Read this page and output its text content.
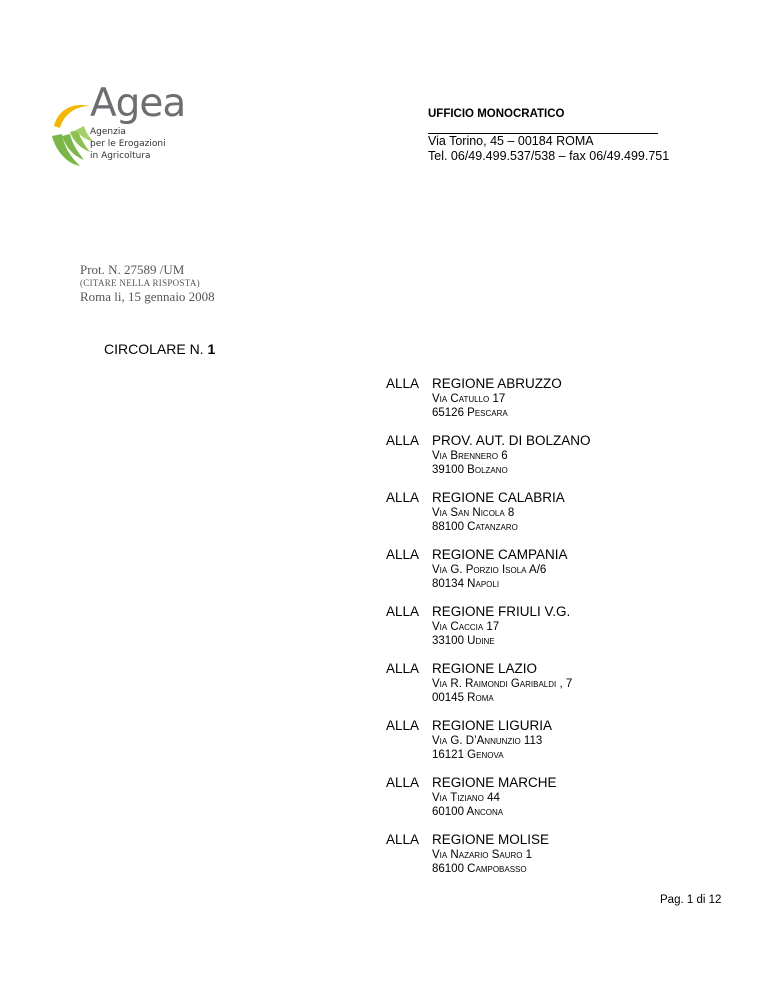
Agea
Agenzia
per le Erogazioni
in Agricoltura

UFFICIO MONOCRATICO

Via Torino, 45 – 00184 ROMA

Tel. 06/49.499.537/538 – fax 06/49.499.751

Prot. N. 27589 /UM
(CITARE NELLA RISPOSTA)
Roma li, 15 gennaio 2008
CIRCOLARE N. 1
ALLA REGIONE ABRUZZO
Via Catullo 17
65126 Pescara
ALLA PROV. AUT. DI BOLZANO
Via Brennero 6
39100 Bolzano
ALLA REGIONE CALABRIA
Via San Nicola 8
88100 Catanzaro
ALLA REGIONE CAMPANIA
Via G. Porzio Isola A/6
80134 Napoli
ALLA REGIONE FRIULI V.G.
Via Caccia 17
33100 Udine
ALLA REGIONE LAZIO
Via R. Raimondi Garibaldi , 7
00145 Roma
ALLA REGIONE LIGURIA
Via G. D’Annunzio 113
16121 Genova
ALLA REGIONE MARCHE
Via Tiziano 44
60100 Ancona
ALLA REGIONE MOLISE
Via Nazario Sauro 1
86100 Campobasso
Pag. 1 di 12
